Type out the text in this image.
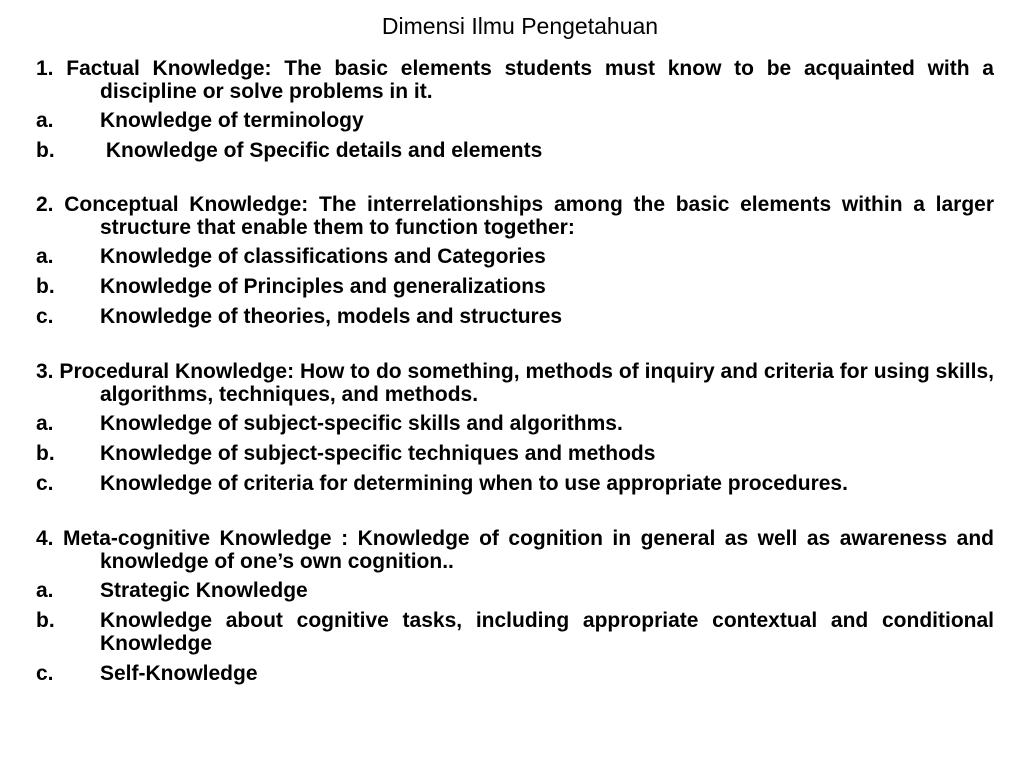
Dimensi Ilmu Pengetahuan
1. Factual Knowledge: The basic elements students must know to be acquainted with a discipline or solve problems in it.
a.	Knowledge of terminology
b.	Knowledge of Specific details and elements
2. Conceptual Knowledge: The interrelationships among the basic elements within a larger structure that enable them to function together:
a.	Knowledge of classifications and Categories
b.	Knowledge of Principles and generalizations
c.	Knowledge of theories, models and structures
3. Procedural Knowledge: How to do something, methods of inquiry and criteria for using skills, algorithms, techniques, and methods.
a.	Knowledge of subject-specific skills and algorithms.
b.	Knowledge of subject-specific techniques and methods
c.	Knowledge of criteria for determining when to use appropriate procedures.
4. Meta-cognitive Knowledge : Knowledge of cognition in general as well as awareness and knowledge of one’s own cognition..
a.	Strategic Knowledge
b.	Knowledge about cognitive tasks, including appropriate contextual and conditional Knowledge
c.	Self-Knowledge
